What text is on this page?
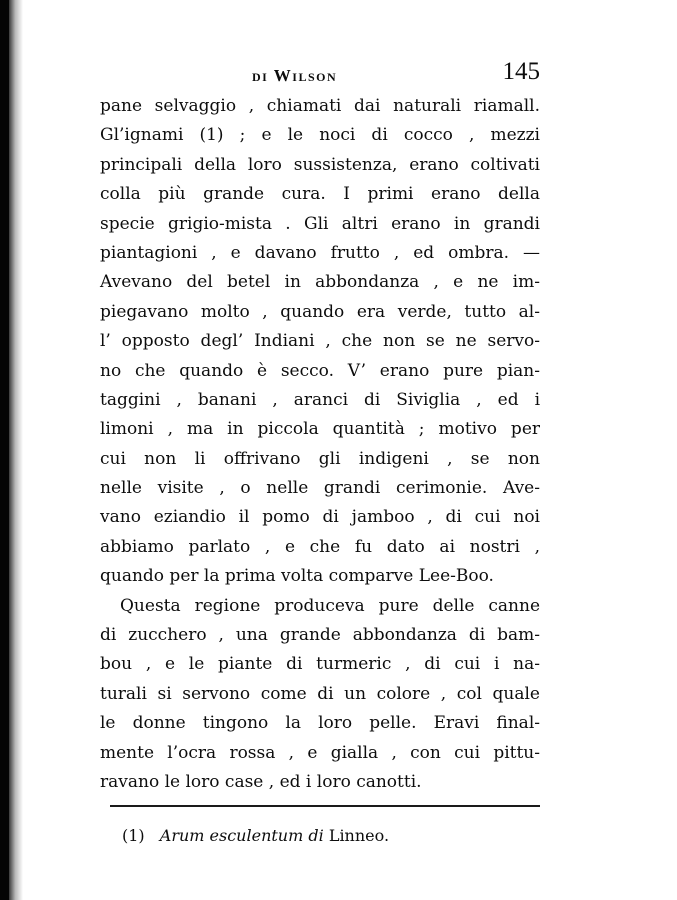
di Wilson	145
pane selvaggio , chiamati dai naturali riamall.
Gl’ignami (1) ; e le noci di cocco , mezzi
principali della loro sussistenza, erano coltivati
colla più grande cura. I primi erano della
specie grigio-mista . Gli altri erano in grandi
piantagioni , e davano frutto , ed ombra. —
Avevano del betel in abbondanza , e ne im-
piegavano molto , quando era verde, tutto al-
l’ opposto degl’ Indiani , che non se ne servo-
no che quando è secco. V’ erano pure pian-
taggini , banani , aranci di Siviglia , ed i
limoni , ma in piccola quantità ; motivo per
cui non li offrivano gli indigeni , se non
nelle visite , o nelle grandi cerimonie. Ave-
vano eziandio il pomo di jamboo , di cui noi
abbiamo parlato , e che fu dato ai nostri ,
quando per la prima volta comparve Lee-Boo.
Questa regione produceva pure delle canne
di zucchero , una grande abbondanza di bam-
bou , e le piante di turmeric , di cui i na-
turali si servono come di un colore , col quale
le donne tingono la loro pelle. Eravi final-
mente l’ocra rossa , e gialla , con cui pittu-
ravano le loro case , ed i loro canotti.
(1) Arum esculentum di Linneo.
